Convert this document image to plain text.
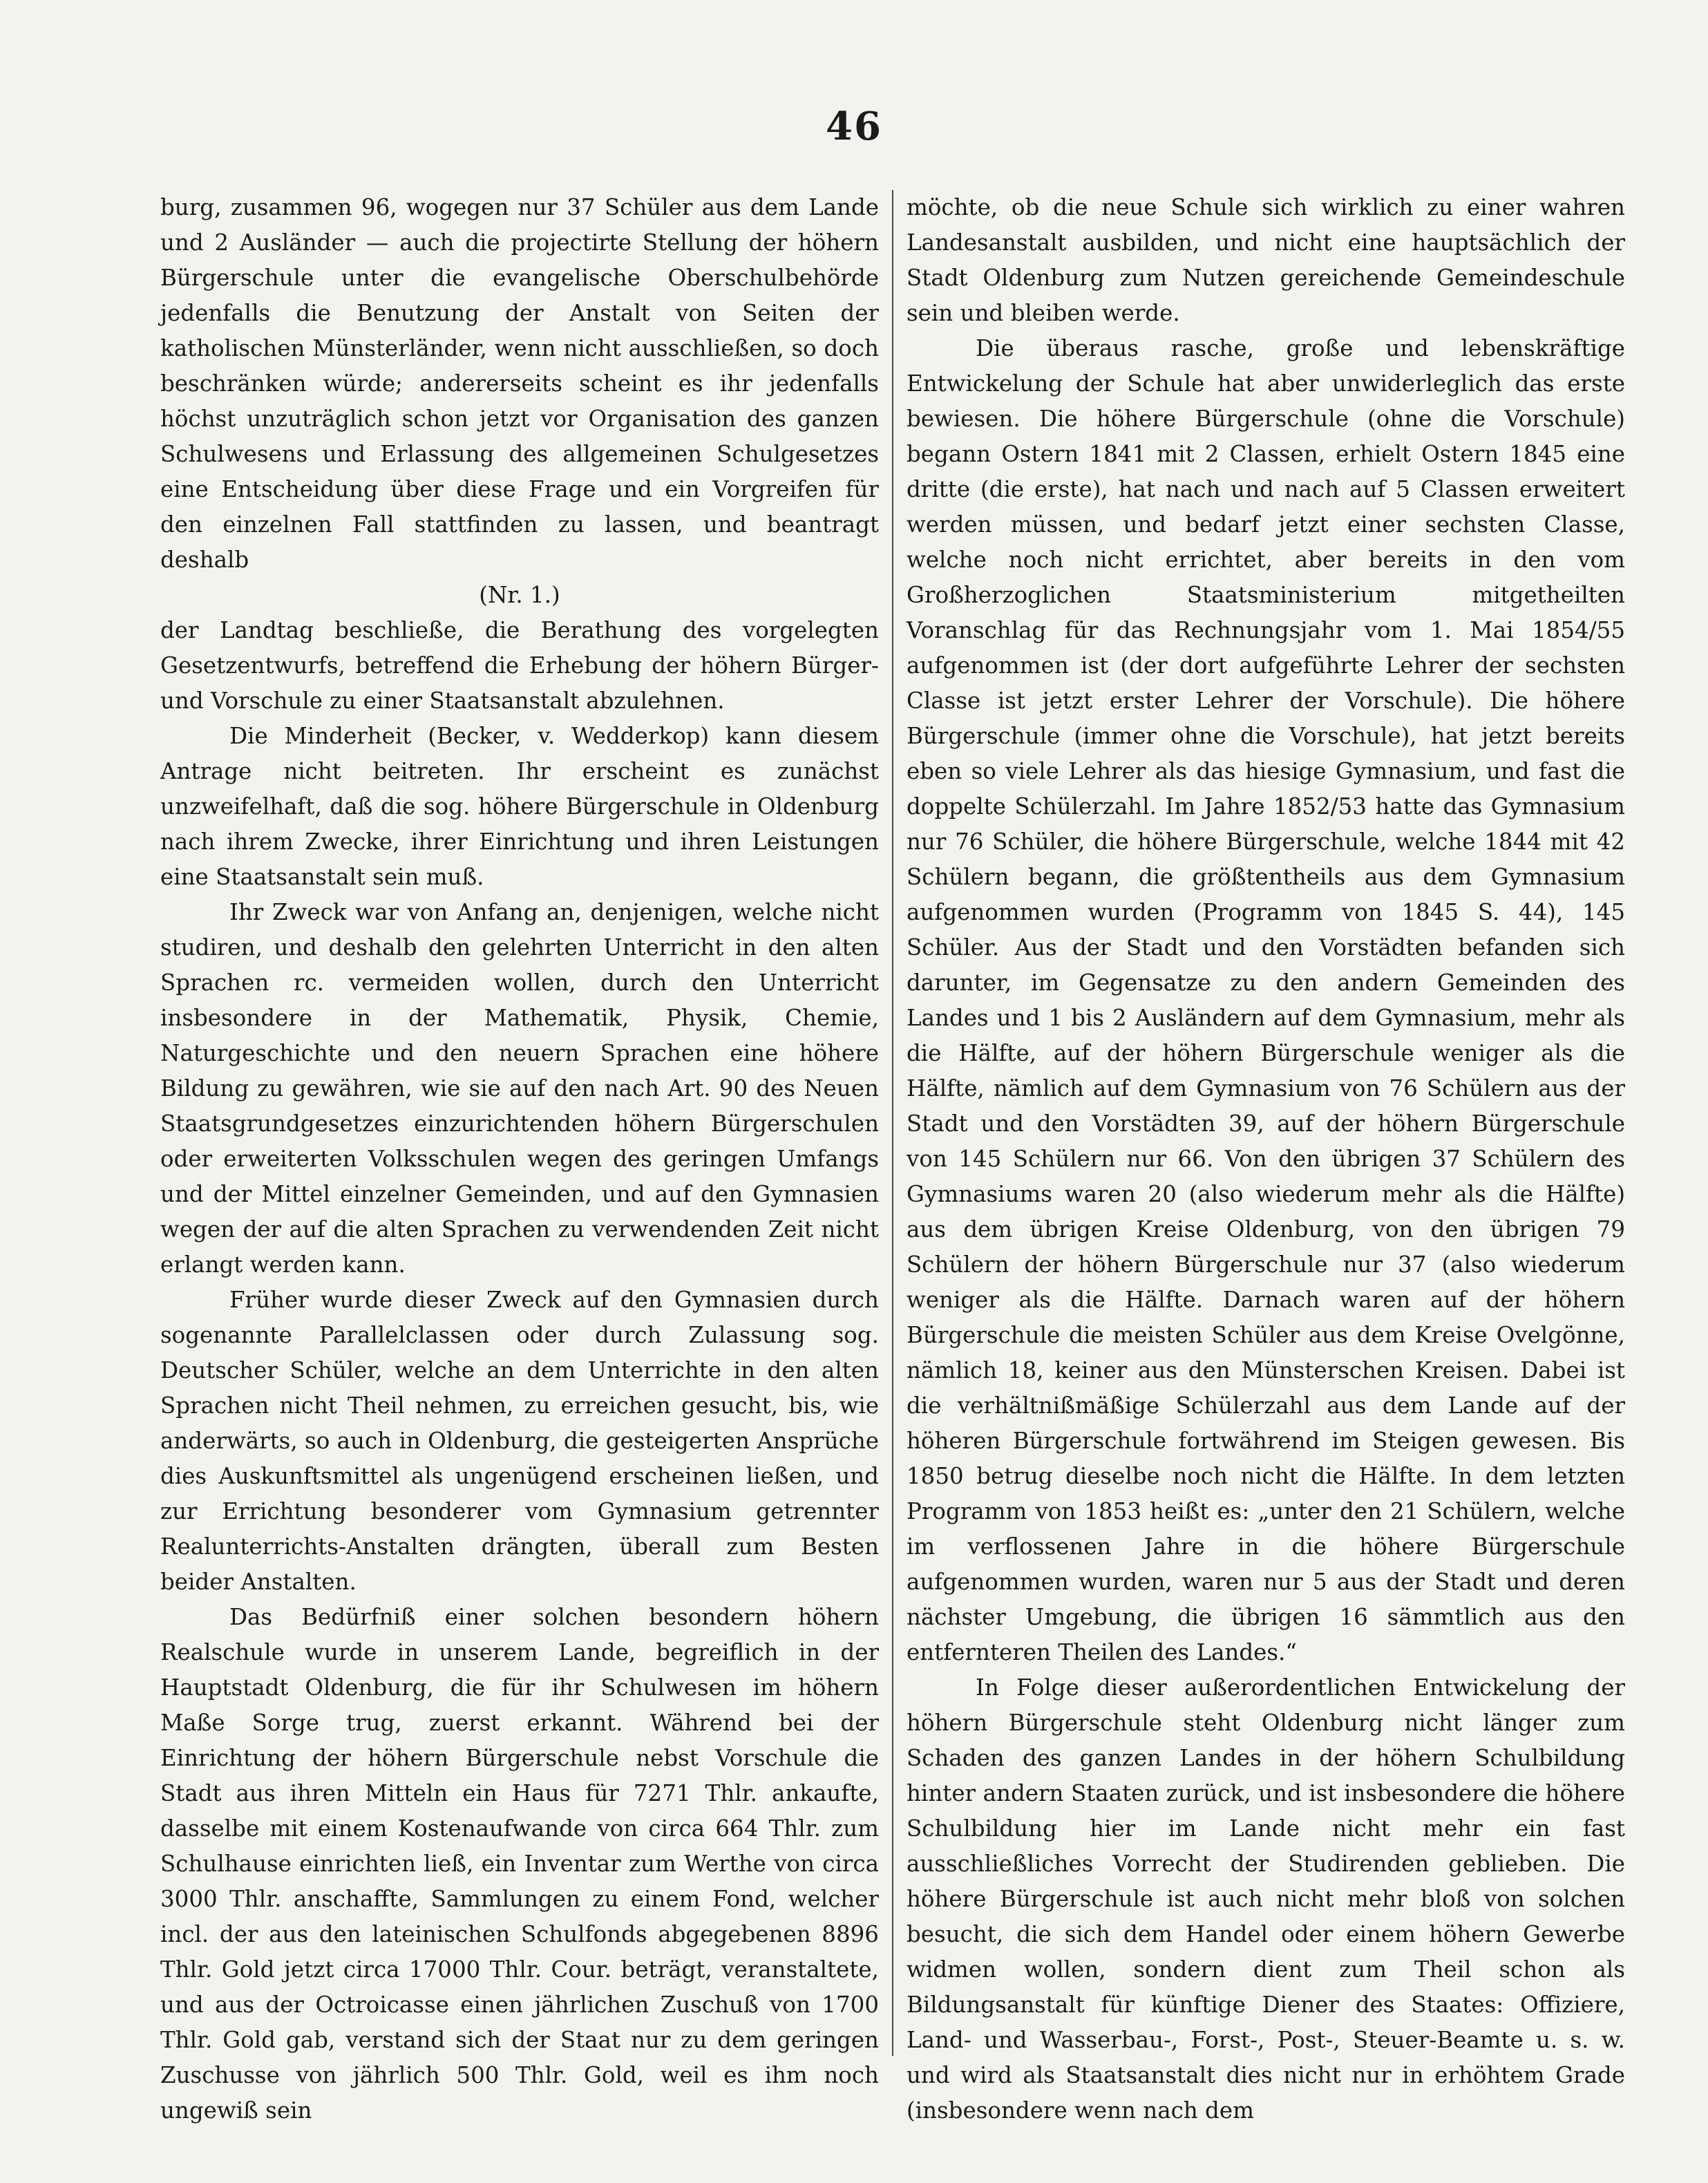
46

burg, zusammen 96, wogegen nur 37 Schüler aus dem Lande und 2 Ausländer — auch die projectirte Stellung der höhern Bürgerschule unter die evangelische Oberschulbehörde jedenfalls die Benutzung der Anstalt von Seiten der katholischen Münsterländer, wenn nicht ausschließen, so doch beschränken würde; andererseits scheint es ihr jedenfalls höchst unzuträglich schon jetzt vor Organisation des ganzen Schulwesens und Erlassung des allgemeinen Schulgesetzes eine Entscheidung über diese Frage und ein Vorgreifen für den einzelnen Fall stattfinden zu lassen, und beantragt deshalb

(Nr. 1.)

der Landtag beschließe, die Berathung des vorgelegten Gesetzentwurfs, betreffend die Erhebung der höhern Bürger- und Vorschule zu einer Staatsanstalt abzulehnen.

Die Minderheit (Becker, v. Wedderkop) kann diesem Antrage nicht beitreten. Ihr erscheint es zunächst unzweifelhaft, daß die sog. höhere Bürgerschule in Oldenburg nach ihrem Zwecke, ihrer Einrichtung und ihren Leistungen eine Staatsanstalt sein muß.

Ihr Zweck war von Anfang an, denjenigen, welche nicht studiren, und deshalb den gelehrten Unterricht in den alten Sprachen rc. vermeiden wollen, durch den Unterricht insbesondere in der Mathematik, Physik, Chemie, Naturgeschichte und den neuern Sprachen eine höhere Bildung zu gewähren, wie sie auf den nach Art. 90 des Neuen Staatsgrundgesetzes einzurichtenden höhern Bürgerschulen oder erweiterten Volksschulen wegen des geringen Umfangs und der Mittel einzelner Gemeinden, und auf den Gymnasien wegen der auf die alten Sprachen zu verwendenden Zeit nicht erlangt werden kann.

Früher wurde dieser Zweck auf den Gymnasien durch sogenannte Parallelclassen oder durch Zulassung sog. Deutscher Schüler, welche an dem Unterrichte in den alten Sprachen nicht Theil nehmen, zu erreichen gesucht, bis, wie anderwärts, so auch in Oldenburg, die gesteigerten Ansprüche dies Auskunftsmittel als ungenügend erscheinen ließen, und zur Errichtung besonderer vom Gymnasium getrennter Realunterrichts-Anstalten drängten, überall zum Besten beider Anstalten.

Das Bedürfniß einer solchen besondern höhern Realschule wurde in unserem Lande, begreiflich in der Hauptstadt Oldenburg, die für ihr Schulwesen im höhern Maße Sorge trug, zuerst erkannt. Während bei der Einrichtung der höhern Bürgerschule nebst Vorschule die Stadt aus ihren Mitteln ein Haus für 7271 Thlr. ankaufte, dasselbe mit einem Kostenaufwande von circa 664 Thlr. zum Schulhause einrichten ließ, ein Inventar zum Werthe von circa 3000 Thlr. anschaffte, Sammlungen zu einem Fond, welcher incl. der aus den lateinischen Schulfonds abgegebenen 8896 Thlr. Gold jetzt circa 17000 Thlr. Cour. beträgt, veranstaltete, und aus der Octroicasse einen jährlichen Zuschuß von 1700 Thlr. Gold gab, verstand sich der Staat nur zu dem geringen Zuschusse von jährlich 500 Thlr. Gold, weil es ihm noch ungewiß sein

möchte, ob die neue Schule sich wirklich zu einer wahren Landesanstalt ausbilden, und nicht eine hauptsächlich der Stadt Oldenburg zum Nutzen gereichende Gemeindeschule sein und bleiben werde.

Die überaus rasche, große und lebenskräftige Entwickelung der Schule hat aber unwiderleglich das erste bewiesen. Die höhere Bürgerschule (ohne die Vorschule) begann Ostern 1841 mit 2 Classen, erhielt Ostern 1845 eine dritte (die erste), hat nach und nach auf 5 Classen erweitert werden müssen, und bedarf jetzt einer sechsten Classe, welche noch nicht errichtet, aber bereits in den vom Großherzoglichen Staatsministerium mitgetheilten Voranschlag für das Rechnungsjahr vom 1. Mai 1854/55 aufgenommen ist (der dort aufgeführte Lehrer der sechsten Classe ist jetzt erster Lehrer der Vorschule). Die höhere Bürgerschule (immer ohne die Vorschule), hat jetzt bereits eben so viele Lehrer als das hiesige Gymnasium, und fast die doppelte Schülerzahl. Im Jahre 1852/53 hatte das Gymnasium nur 76 Schüler, die höhere Bürgerschule, welche 1844 mit 42 Schülern begann, die größtentheils aus dem Gymnasium aufgenommen wurden (Programm von 1845 S. 44), 145 Schüler. Aus der Stadt und den Vorstädten befanden sich darunter, im Gegensatze zu den andern Gemeinden des Landes und 1 bis 2 Ausländern auf dem Gymnasium, mehr als die Hälfte, auf der höhern Bürgerschule weniger als die Hälfte, nämlich auf dem Gymnasium von 76 Schülern aus der Stadt und den Vorstädten 39, auf der höhern Bürgerschule von 145 Schülern nur 66. Von den übrigen 37 Schülern des Gymnasiums waren 20 (also wiederum mehr als die Hälfte) aus dem übrigen Kreise Oldenburg, von den übrigen 79 Schülern der höhern Bürgerschule nur 37 (also wiederum weniger als die Hälfte. Darnach waren auf der höhern Bürgerschule die meisten Schüler aus dem Kreise Ovelgönne, nämlich 18, keiner aus den Münsterschen Kreisen. Dabei ist die verhältnißmäßige Schülerzahl aus dem Lande auf der höheren Bürgerschule fortwährend im Steigen gewesen. Bis 1850 betrug dieselbe noch nicht die Hälfte. In dem letzten Programm von 1853 heißt es: „unter den 21 Schülern, welche im verflossenen Jahre in die höhere Bürgerschule aufgenommen wurden, waren nur 5 aus der Stadt und deren nächster Umgebung, die übrigen 16 sämmtlich aus den entfernteren Theilen des Landes.“

In Folge dieser außerordentlichen Entwickelung der höhern Bürgerschule steht Oldenburg nicht länger zum Schaden des ganzen Landes in der höhern Schulbildung hinter andern Staaten zurück, und ist insbesondere die höhere Schulbildung hier im Lande nicht mehr ein fast ausschließliches Vorrecht der Studirenden geblieben. Die höhere Bürgerschule ist auch nicht mehr bloß von solchen besucht, die sich dem Handel oder einem höhern Gewerbe widmen wollen, sondern dient zum Theil schon als Bildungsanstalt für künftige Diener des Staates: Offiziere, Land- und Wasserbau-, Forst-, Post-, Steuer-Beamte u. s. w. und wird als Staatsanstalt dies nicht nur in erhöhtem Grade (insbesondere wenn nach dem
